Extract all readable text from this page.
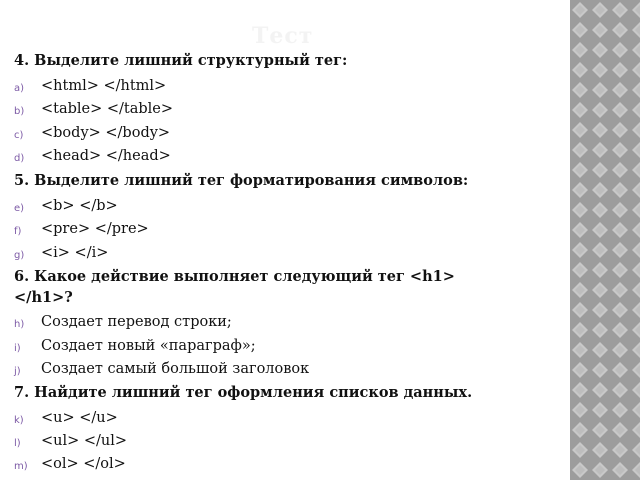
Тест
4. Выделите лишний структурный тег:
a) <html> </html>
b) <table> </table>
c) <body> </body>
d) <head> </head>
5. Выделите лишний тег форматирования символов:
e) <b> </b>
f) <pre> </pre>
g) <i> </i>
6. Какое действие выполняет следующий тег <h1>
</h1>?
h) Создает перевод строки;
i) Создает новый «параграф»;
j) Создает самый большой заголовок
7. Найдите лишний тег оформления списков данных.
k) <u> </u>
l) <ul> </ul>
m) <ol> </ol>
